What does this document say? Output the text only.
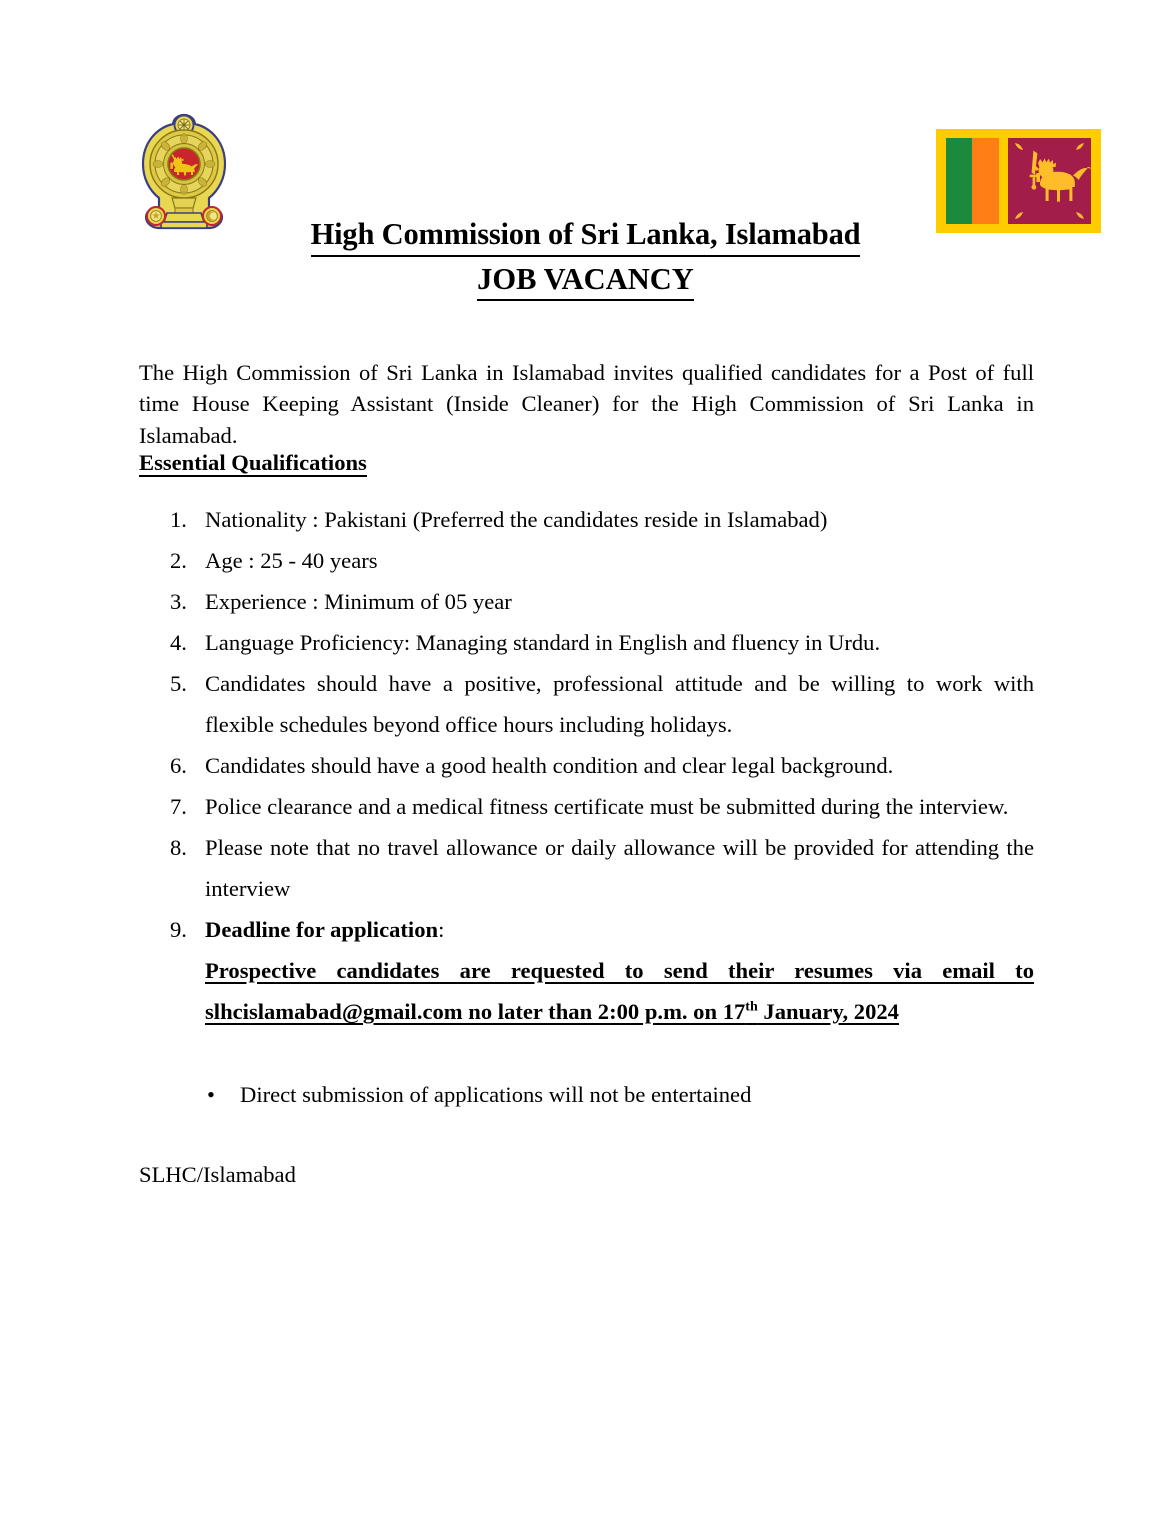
High Commission of Sri Lanka, Islamabad
JOB VACANCY

The High Commission of Sri Lanka in Islamabad invites qualified candidates for a Post of full time House Keeping Assistant (Inside Cleaner) for the High Commission of Sri Lanka in Islamabad.

Essential Qualifications
1. Nationality : Pakistani (Preferred the candidates reside in Islamabad)
2. Age : 25 - 40 years
3. Experience : Minimum of 05 year
4. Language Proficiency: Managing standard in English and fluency in Urdu.
5. Candidates should have a positive, professional attitude and be willing to work with flexible schedules beyond office hours including holidays.
6. Candidates should have a good health condition and clear legal background.
7. Police clearance and a medical fitness certificate must be submitted during the interview.
8. Please note that no travel allowance or daily allowance will be provided for attending the interview
9. Deadline for application:
Prospective candidates are requested to send their resumes via email to slhcislamabad@gmail.com no later than 2:00 p.m. on 17th January, 2024
• Direct submission of applications will not be entertained
SLHC/Islamabad
